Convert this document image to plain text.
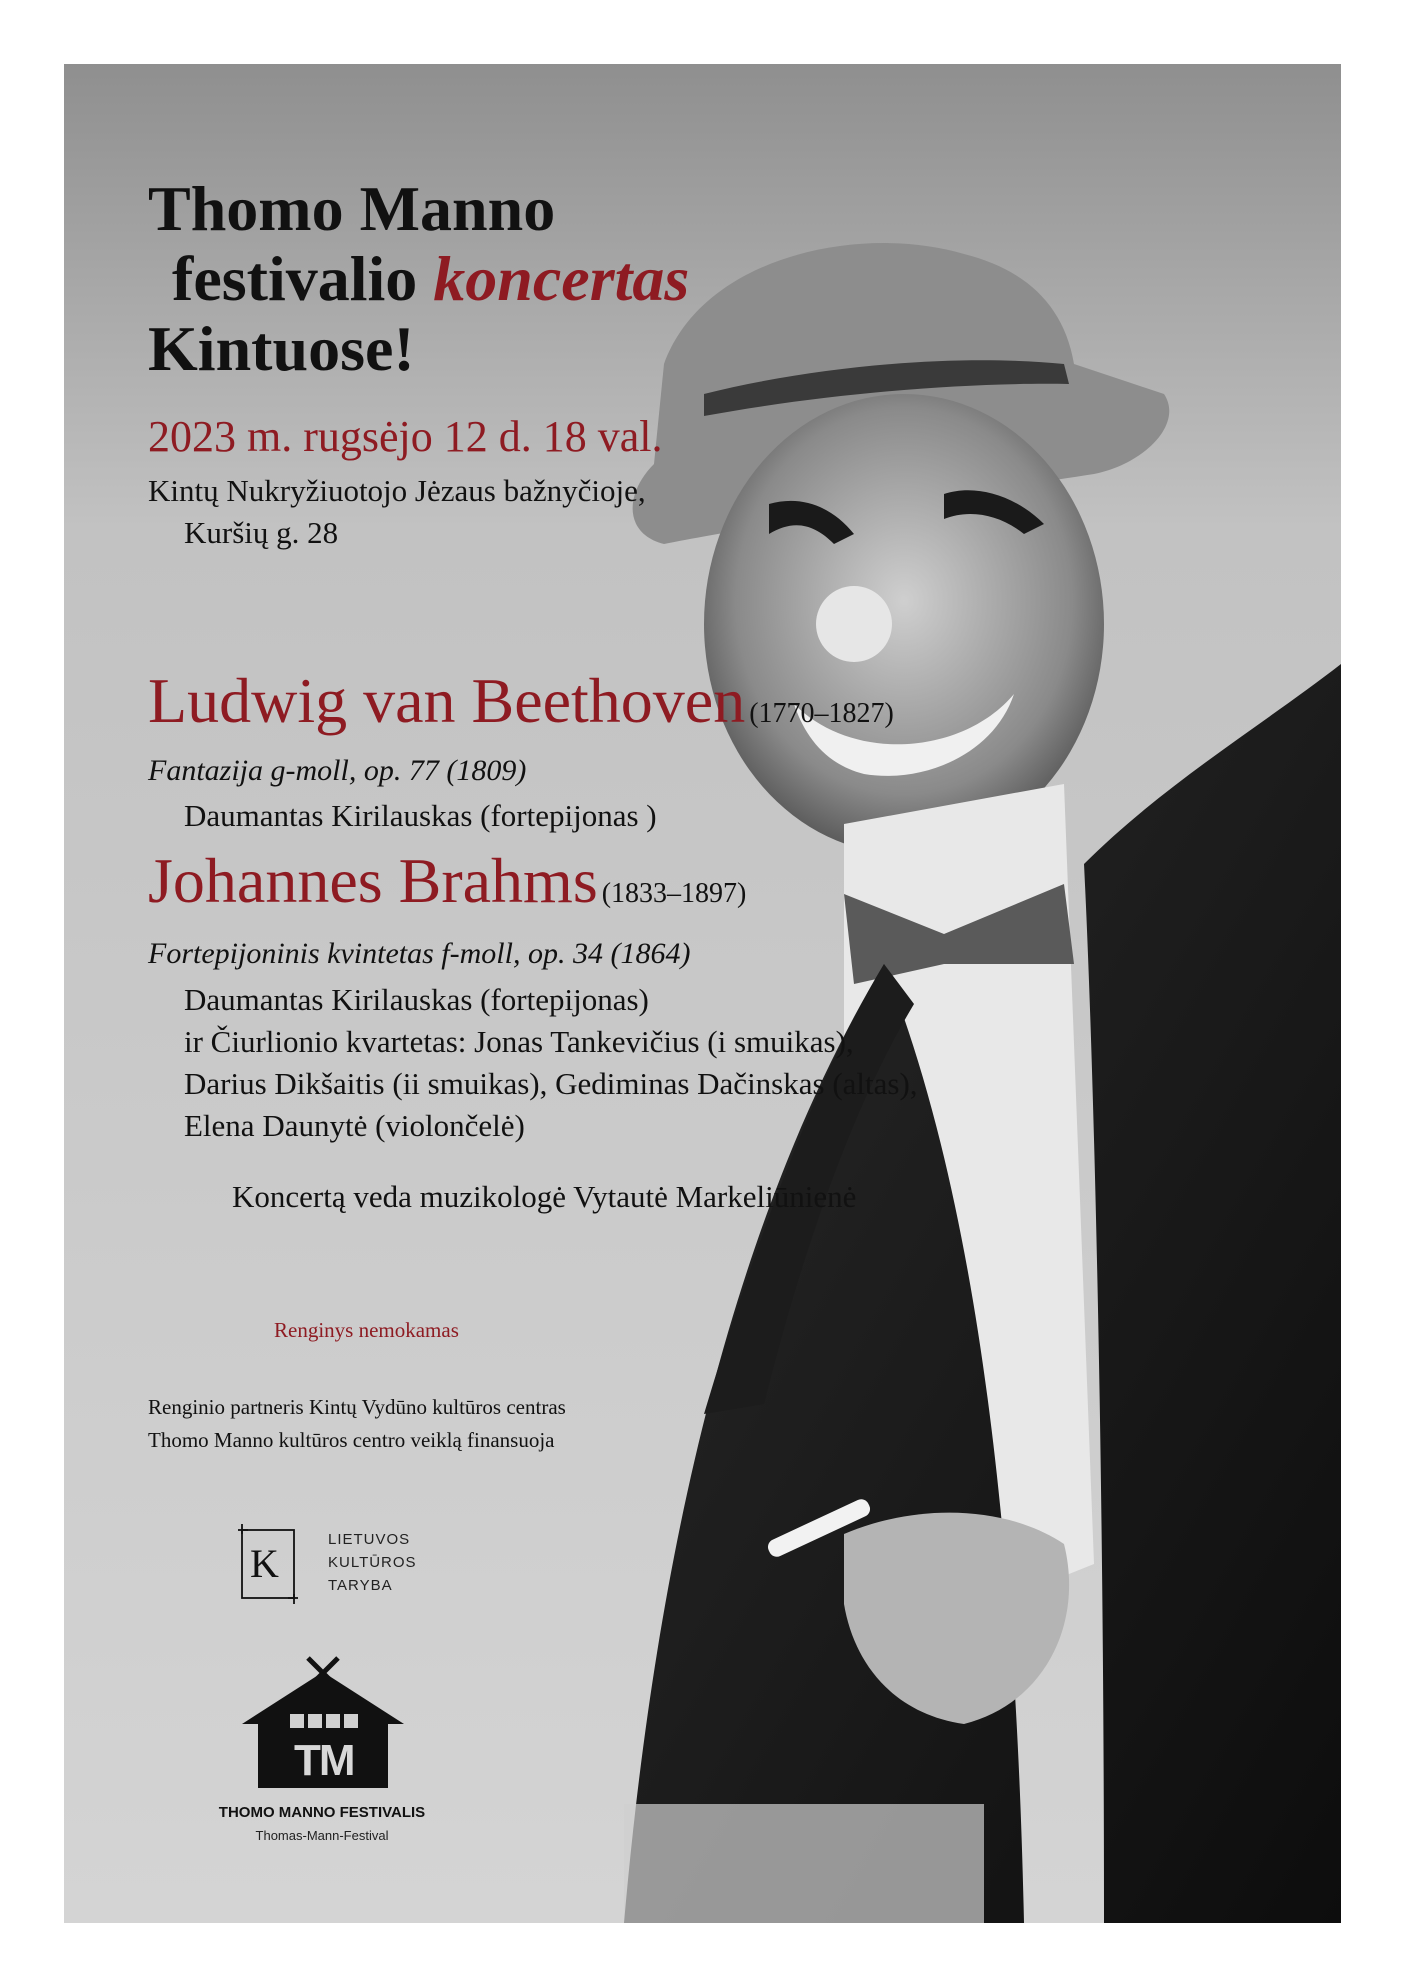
Thomo Manno
festivalio koncertas
Kintuose!
2023 m. rugsėjo 12 d. 18 val.
Kintų Nukryžiuotojo Jėzaus bažnyčioje,
Kuršių g. 28
Ludwig van Beethoven (1770–1827)
Fantazija g-moll, op. 77 (1809)
Daumantas Kirilauskas (fortepijonas )
Johannes Brahms (1833–1897)
Fortepijoninis kvintetas f-moll, op. 34 (1864)
Daumantas Kirilauskas (fortepijonas)
ir Čiurlionio kvartetas: Jonas Tankevičius (i smuikas),
Darius Dikšaitis (ii smuikas), Gediminas Dačinskas (altas),
Elena Daunytė (violončelė)
Koncertą veda muzikologė Vytautė Markeliūnienė
Renginys nemokamas
Renginio partneris Kintų Vydūno kultūros centras
Thomo Manno kultūros centro veiklą finansuoja
K
LIETUVOS
KULTŪROS
TARYBA
TM
THOMO MANNO FESTIVALIS
Thomas-Mann-Festival
